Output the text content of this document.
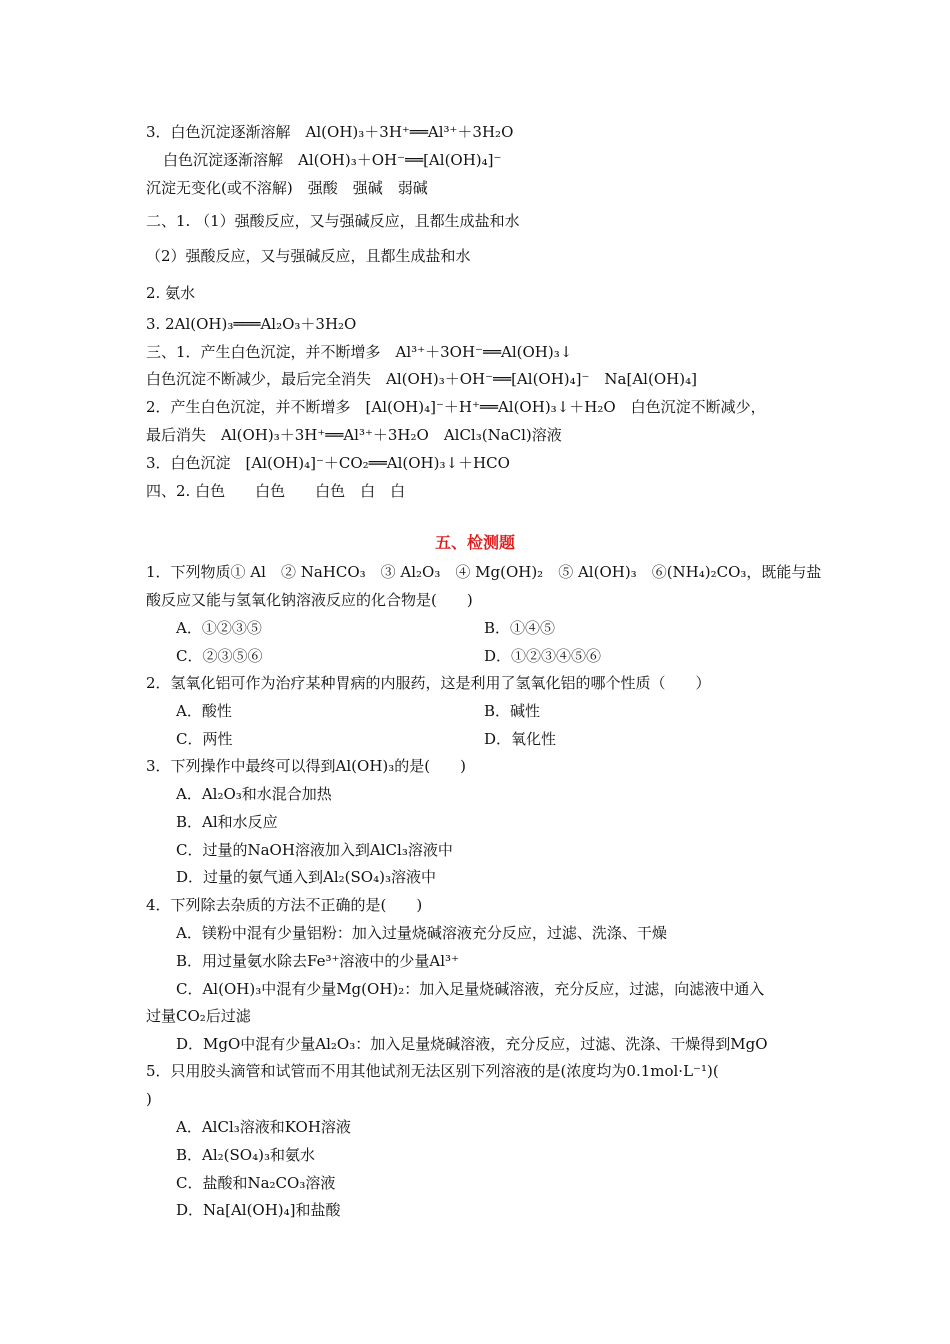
3．白色沉淀逐渐溶解　Al(OH)₃＋3H⁺══Al³⁺＋3H₂O
白色沉淀逐渐溶解　Al(OH)₃＋OH⁻══[Al(OH)₄]⁻
沉淀无变化(或不溶解)　强酸　强碱　弱碱
二、1. （1）强酸反应，又与强碱反应，且都生成盐和水
（2）强酸反应，又与强碱反应，且都生成盐和水
2. 氨水
3. 2Al(OH)₃═══Al₂O₃＋3H₂O
三、1．产生白色沉淀，并不断增多　Al³⁺＋3OH⁻══Al(OH)₃↓
白色沉淀不断减少，最后完全消失　Al(OH)₃＋OH⁻══[Al(OH)₄]⁻　Na[Al(OH)₄]
2．产生白色沉淀，并不断增多　[Al(OH)₄]⁻＋H⁺══Al(OH)₃↓＋H₂O　白色沉淀不断减少，
最后消失　Al(OH)₃＋3H⁺══Al³⁺＋3H₂O　AlCl₃(NaCl)溶液
3．白色沉淀　[Al(OH)₄]⁻＋CO₂══Al(OH)₃↓＋HCO
四、2. 白色　　白色　　白色　白　白
五、检测题
1．下列物质① Al　② NaHCO₃　③ Al₂O₃　④ Mg(OH)₂　⑤ Al(OH)₃　⑥(NH₄)₂CO₃，既能与盐
酸反应又能与氢氧化钠溶液反应的化合物是(　　)
A．①②③⑤	B．①④⑤
C．②③⑤⑥	D．①②③④⑤⑥
2．氢氧化铝可作为治疗某种胃病的内服药，这是利用了氢氧化铝的哪个性质（　　）
A．酸性	B．碱性
C．两性	D．氧化性
3．下列操作中最终可以得到Al(OH)₃的是(　　)
A．Al₂O₃和水混合加热
B．Al和水反应
C．过量的NaOH溶液加入到AlCl₃溶液中
D．过量的氨气通入到Al₂(SO₄)₃溶液中
4．下列除去杂质的方法不正确的是(　　)
A．镁粉中混有少量铝粉：加入过量烧碱溶液充分反应，过滤、洗涤、干燥
B．用过量氨水除去Fe³⁺溶液中的少量Al³⁺
C．Al(OH)₃中混有少量Mg(OH)₂：加入足量烧碱溶液，充分反应，过滤，向滤液中通入
过量CO₂后过滤
D．MgO中混有少量Al₂O₃：加入足量烧碱溶液，充分反应，过滤、洗涤、干燥得到MgO
5．只用胶头滴管和试管而不用其他试剂无法区别下列溶液的是(浓度均为0.1mol·L⁻¹)(
)
A．AlCl₃溶液和KOH溶液
B．Al₂(SO₄)₃和氨水
C．盐酸和Na₂CO₃溶液
D．Na[Al(OH)₄]和盐酸
